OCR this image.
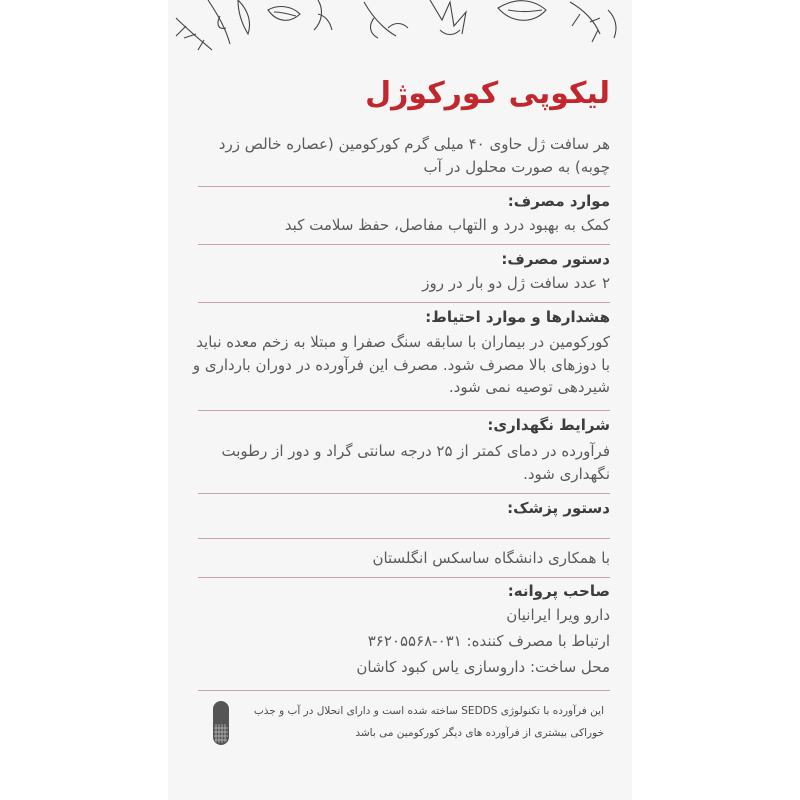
لیکوپی کورکوژل

هر سافت ژل حاوی ۴۰ میلی گرم کورکومین (عصاره خالص زرد چوبه) به صورت محلول در آب

موارد مصرف:

کمک به بهبود درد و التهاب مفاصل، حفظ سلامت کبد

دستور مصرف:

۲ عدد سافت ژل دو بار در روز

هشدارها و موارد احتیاط:

کورکومین در بیماران با سابقه سنگ صفرا و مبتلا به زخم معده نباید با دوزهای بالا مصرف شود. مصرف این فرآورده در دوران بارداری و شیردهی توصیه نمی شود.

شرایط نگهداری:

فرآورده در دمای کمتر از ۲۵ درجه سانتی گراد و دور از رطوبت نگهداری شود.

دستور پزشک:

با همکاری دانشگاه ساسکس انگلستان

صاحب پروانه:

دارو ویرا ایرانیان

ارتباط با مصرف کننده: ۰۳۱-۳۶۲۰۵۵۶۸

محل ساخت: داروسازی یاس کبود کاشان

این فرآورده با تکنولوژی SEDDS ساخته شده است و دارای انحلال در آب و جذب خوراکی بیشتری از فرآورده های دیگر کورکومین می باشد
